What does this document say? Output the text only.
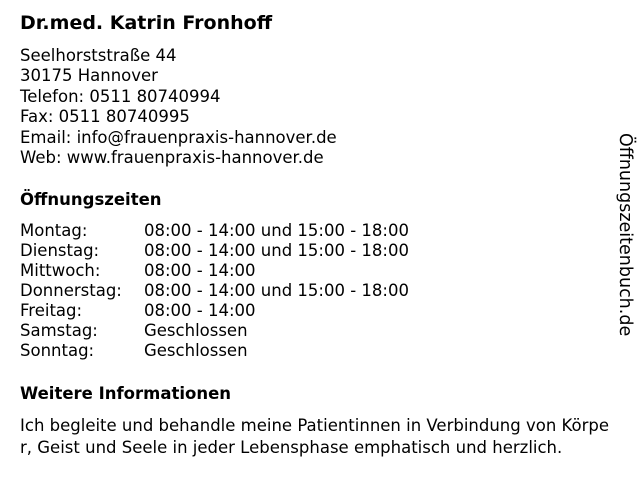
Dr.med. Katrin Fronhoff
Seelhorststraße 44
30175 Hannover
Telefon: 0511 80740994
Fax: 0511 80740995
Email: info@frauenpraxis-hannover.de
Web: www.frauenpraxis-hannover.de
Öffnungszeiten
Montag:	08:00 - 14:00 und 15:00 - 18:00
Dienstag:	08:00 - 14:00 und 15:00 - 18:00
Mittwoch:	08:00 - 14:00
Donnerstag:	08:00 - 14:00 und 15:00 - 18:00
Freitag:	08:00 - 14:00
Samstag:	Geschlossen
Sonntag:	Geschlossen
Weitere Informationen

Ich begleite und behandle meine Patientinnen in Verbindung von Körper, Geist und Seele in jeder Lebensphase emphatisch und herzlich.

Öffnungszeitenbuch.de
